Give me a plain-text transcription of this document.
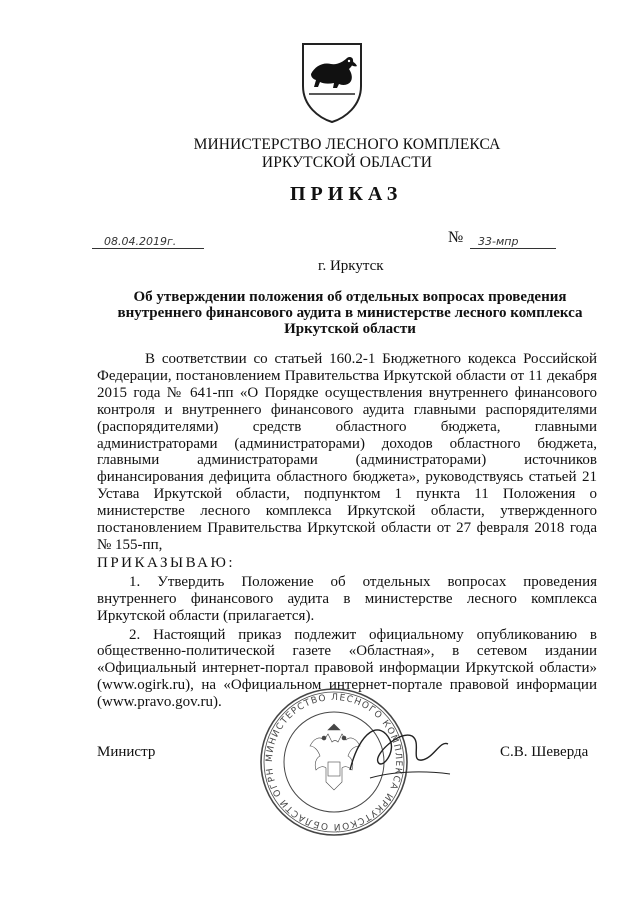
МИНИСТЕРСТВО ЛЕСНОГО КОМПЛЕКСА
ИРКУТСКОЙ ОБЛАСТИ
ПРИКАЗ
08.04.2019г.	№ 33-мпр
г. Иркутск
Об утверждении положения об отдельных вопросах проведения
внутреннего финансового аудита в министерстве лесного комплекса
Иркутской области

В соответствии со статьей 160.2-1 Бюджетного кодекса Российской Федерации, постановлением Правительства Иркутской области от 11 декабря 2015 года № 641-пп «О Порядке осуществления внутреннего финансового контроля и внутреннего финансового аудита главными распорядителями (распорядителями) средств областного бюджета, главными администраторами (администраторами) доходов областного бюджета, главными администраторами (администраторами) источников финансирования дефицита областного бюджета», руководствуясь статьей 21 Устава Иркутской области, подпунктом 1 пункта 11 Положения о министерстве лесного комплекса Иркутской области, утвержденного постановлением Правительства Иркутской области от 27 февраля 2018 года № 155-пп,

ПРИКАЗЫВАЮ:

1. Утвердить Положение об отдельных вопросах проведения внутреннего финансового аудита в министерстве лесного комплекса Иркутской области (прилагается).

2. Настоящий приказ подлежит официальному опубликованию в общественно-политической газете «Областная», в сетевом издании «Официальный интернет-портал правовой информации Иркутской области» (www.ogirk.ru), на «Официальном интернет-портале правовой информации (www.pravo.gov.ru).

МИНИСТЕРСТВО ЛЕСНОГО КОМПЛЕКСА ИРКУТСКОЙ ОБЛАСТИ ОГРН
Министр	С.В. Шеверда
